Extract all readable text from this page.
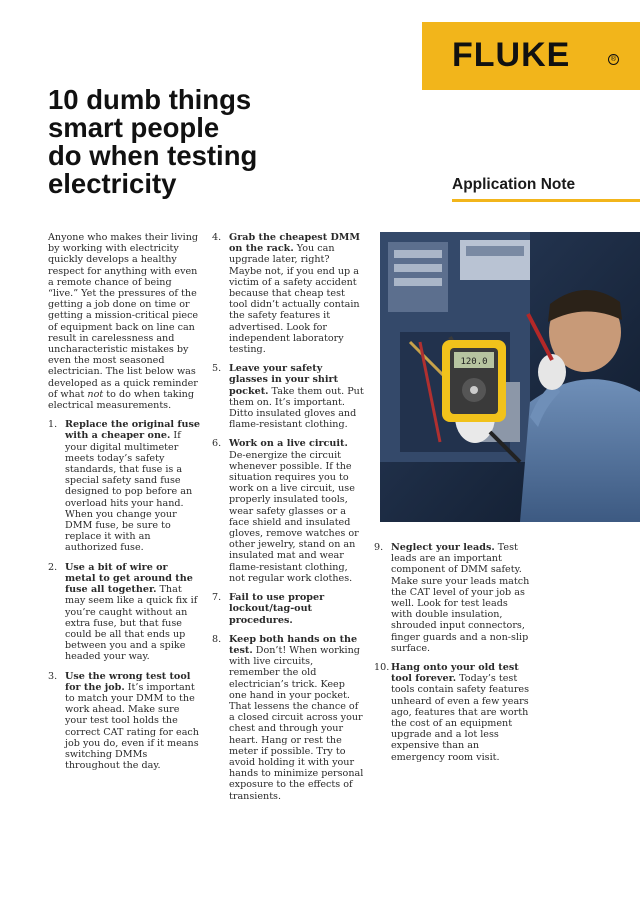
FLUKE	®
10 dumb things
smart people
do when testing
electricity	Application Note

Anyone who makes their living by working with electricity quickly develops a healthy respect for anything with even a remote chance of being “live.” Yet the pressures of the getting a job done on time or getting a mission-critical piece of equipment back on line can result in carelessness and uncharacteristic mistakes by even the most seasoned electrician. The list below was developed as a quick reminder of what not to do when taking electrical measurements.

1. Replace the original fuse with a cheaper one. If your digital multimeter meets today’s safety standards, that fuse is a special safety sand fuse designed to pop before an overload hits your hand. When you change your DMM fuse, be sure to replace it with an authorized fuse.
2. Use a bit of wire or metal to get around the fuse all together. That may seem like a quick fix if you’re caught without an extra fuse, but that fuse could be all that ends up between you and a spike headed your way.
3. Use the wrong test tool for the job. It’s important to match your DMM to the work ahead. Make sure your test tool holds the correct CAT rating for each job you do, even if it means switching DMMs throughout the day.
4. Grab the cheapest DMM on the rack. You can upgrade later, right? Maybe not, if you end up a victim of a safety accident because that cheap test tool didn’t actually contain the safety features it advertised. Look for independent laboratory testing.
5. Leave your safety glasses in your shirt pocket. Take them out. Put them on. It’s important. Ditto insulated gloves and flame-resistant clothing.
6. Work on a live circuit. De-energize the circuit whenever possible. If the situation requires you to work on a live circuit, use properly insulated tools, wear safety glasses or a face shield and insulated gloves, remove watches or other jewelry, stand on an insulated mat and wear flame-resistant clothing, not regular work clothes.
7. Fail to use proper lockout/tag-out procedures.
8. Keep both hands on the test. Don’t! When working with live circuits, remember the old electrician’s trick. Keep one hand in your pocket. That lessens the chance of a closed circuit across your chest and through your heart. Hang or rest the meter if possible. Try to avoid holding it with your hands to minimize personal exposure to the effects of transients.
120.0
9. Neglect your leads. Test leads are an important component of DMM safety. Make sure your leads match the CAT level of your job as well. Look for test leads with double insulation, shrouded input connectors, finger guards and a non-slip surface.
10. Hang onto your old test tool forever. Today’s test tools contain safety features unheard of even a few years ago, features that are worth the cost of an equipment upgrade and a lot less expensive than an emergency room visit.
